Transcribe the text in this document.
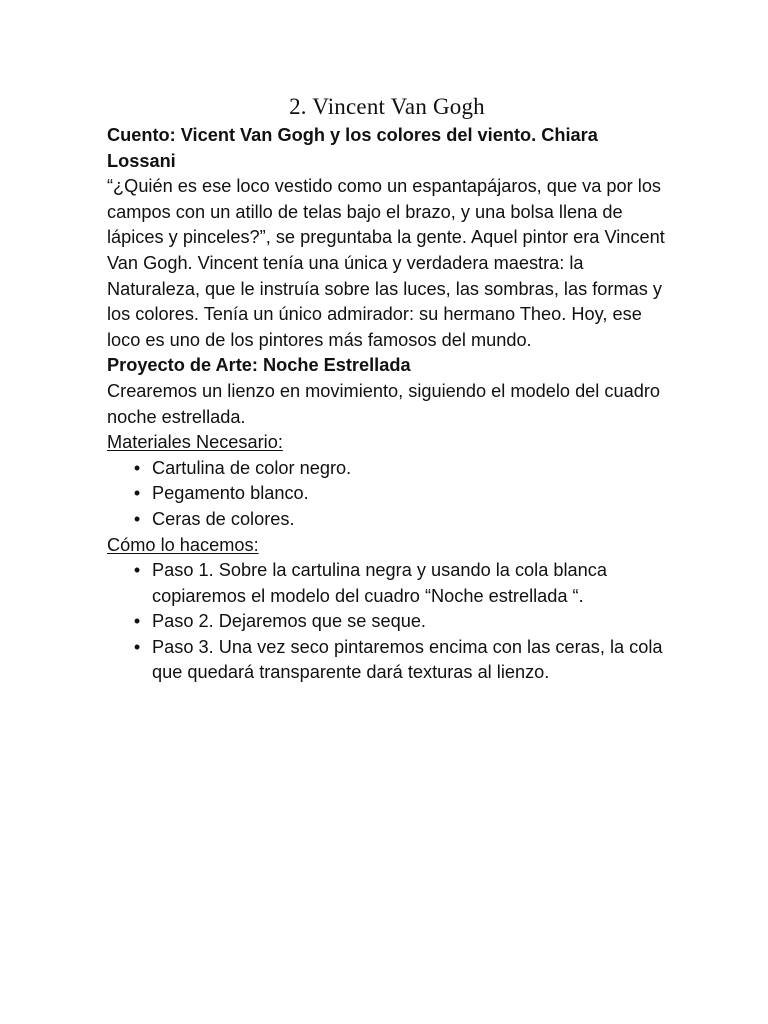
2. Vincent Van Gogh

Cuento: Vicent Van Gogh y los colores del viento. Chiara Lossani

“¿Quién es ese loco vestido como un espantapájaros, que va por los campos con un atillo de telas bajo el brazo, y una bolsa llena de lápices y pinceles?”, se preguntaba la gente. Aquel pintor era Vincent Van Gogh. Vincent tenía una única y verdadera maestra: la Naturaleza, que le instruía sobre las luces, las sombras, las formas y los colores. Tenía un único admirador: su hermano Theo. Hoy, ese loco es uno de los pintores más famosos del mundo.

Proyecto de Arte: Noche Estrellada

Crearemos un lienzo en movimiento, siguiendo el modelo del cuadro noche estrellada.

Materiales Necesario:

• Cartulina de color negro.
• Pegamento blanco.
• Ceras de colores.

Cómo lo hacemos:

• Paso 1. Sobre la cartulina negra y usando la cola blanca copiaremos el modelo del cuadro “Noche estrellada “.
• Paso 2. Dejaremos que se seque.
• Paso 3. Una vez seco pintaremos encima con las ceras, la cola que quedará transparente dará texturas al lienzo.
